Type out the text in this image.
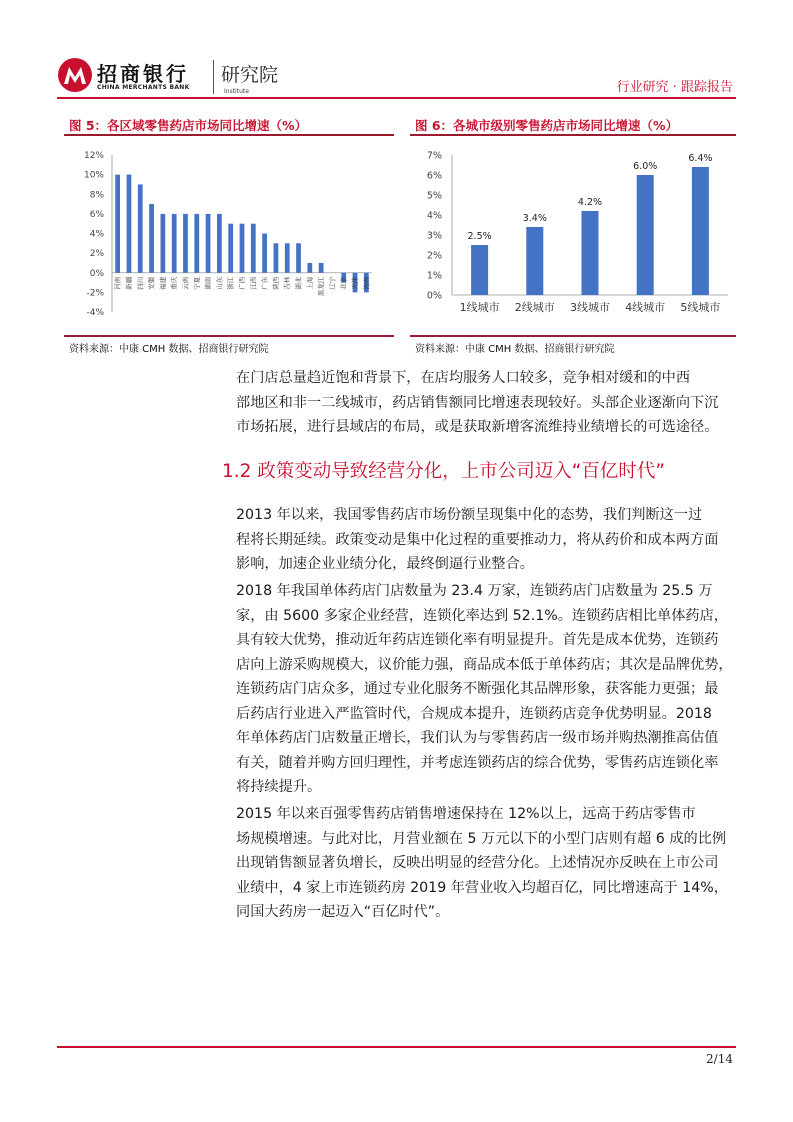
招商银行
CHINA MERCHANTS BANK
研究院
Institute	行业研究 · 跟踪报告
图 5：各区域零售药店市场同比增速（%）
12%
10%
8%
6%
4%
2%
0%
-2%
-4%
河南 新疆 四川 安徽 福建 重庆 云南 宁夏 湖南 山东 浙江 广西 江西 广东 陕西 吉林 湖北 上海 黑龙江 辽宁 北京 天津 海南
资料来源：中康 CMH 数据、招商银行研究院
图 6：各城市级别零售药店市场同比增速（%）
7%
6%
5%
4%
3%
2%
1%
0%
2.5%
1线城市
3.4%
2线城市
4.2%
3线城市
6.0%
4线城市
6.4%
5线城市
资料来源：中康 CMH 数据、招商银行研究院
在门店总量趋近饱和背景下，在店均服务人口较多，竞争相对缓和的中西
部地区和非一二线城市，药店销售额同比增速表现较好。头部企业逐渐向下沉
市场拓展，进行县域店的布局，或是获取新增客流维持业绩增长的可选途径。
1.2 政策变动导致经营分化，上市公司迈入“百亿时代”
2013 年以来，我国零售药店市场份额呈现集中化的态势，我们判断这一过
程将长期延续。政策变动是集中化过程的重要推动力，将从药价和成本两方面
影响，加速企业业绩分化，最终倒逼行业整合。
2018 年我国单体药店门店数量为 23.4 万家，连锁药店门店数量为 25.5 万
家，由 5600 多家企业经营，连锁化率达到 52.1%。连锁药店相比单体药店，
具有较大优势，推动近年药店连锁化率有明显提升。首先是成本优势，连锁药
店向上游采购规模大，议价能力强，商品成本低于单体药店；其次是品牌优势，
连锁药店门店众多，通过专业化服务不断强化其品牌形象，获客能力更强；最
后药店行业进入严监管时代，合规成本提升，连锁药店竞争优势明显。2018
年单体药店门店数量正增长，我们认为与零售药店一级市场并购热潮推高估值
有关，随着并购方回归理性，并考虑连锁药店的综合优势，零售药店连锁化率
将持续提升。
2015 年以来百强零售药店销售增速保持在 12%以上，远高于药店零售市
场规模增速。与此对比，月营业额在 5 万元以下的小型门店则有超 6 成的比例
出现销售额显著负增长，反映出明显的经营分化。上述情况亦反映在上市公司
业绩中，4 家上市连锁药房 2019 年营业收入均超百亿，同比增速高于 14%，
同国大药房一起迈入“百亿时代”。
2/14
